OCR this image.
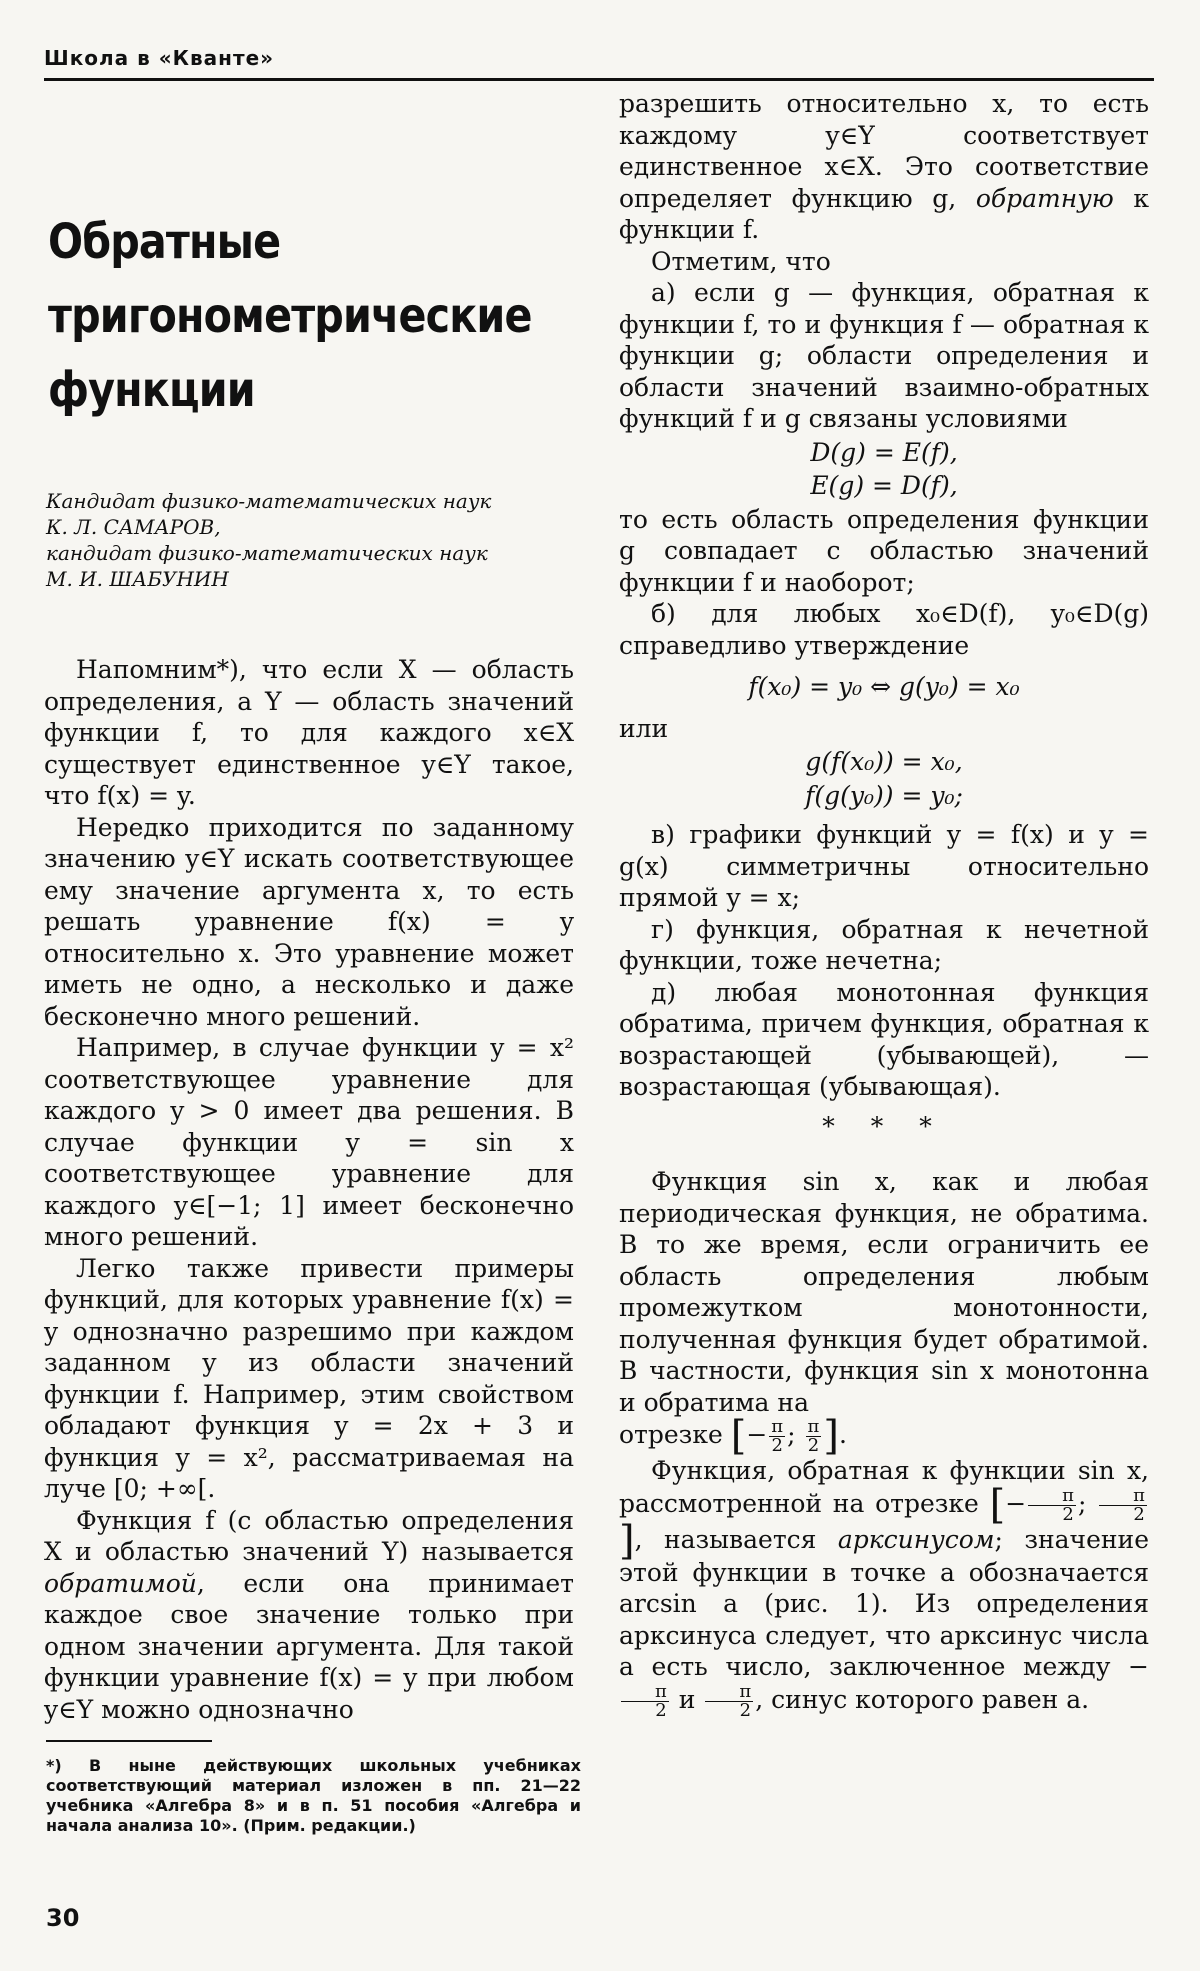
Школа в «Кванте»
Обратные тригонометрические функции
Кандидат физико-математических наук
К. Л. САМАРОВ,
кандидат физико-математических наук
М. И. ШАБУНИН

Напомним*), что если X — область определения, а Y — область значений функции f, то для каждого x∈X существует единственное y∈Y такое, что f(x) = y.

Нередко приходится по заданному значению y∈Y искать соответствующее ему значение аргумента x, то есть решать уравнение f(x) = y относительно x. Это уравнение может иметь не одно, а несколько и даже бесконечно много решений.

Например, в случае функции y = x² соответствующее уравнение для каждого y > 0 имеет два решения. В случае функции y = sin x соответствующее уравнение для каждого y∈[−1; 1] имеет бесконечно много решений.

Легко также привести примеры функций, для которых уравнение f(x) = y однозначно разрешимо при каждом заданном y из области значений функции f. Например, этим свойством обладают функция y = 2x + 3 и функция y = x², рассматриваемая на луче [0; +∞[.

Функция f (с областью определения X и областью значений Y) называется обратимой, если она принимает каждое свое значение только при одном значении аргумента. Для такой функции уравнение f(x) = y при любом y∈Y можно однозначно

разрешить относительно x, то есть каждому y∈Y соответствует единственное x∈X. Это соответствие определяет функцию g, обратную к функции f.

Отметим, что

а) если g — функция, обратная к функции f, то и функция f — обратная к функции g; области определения и области значений взаимно-обратных функций f и g связаны условиями

D(g) = E(f),
E(g) = D(f),

то есть область определения функции g совпадает с областью значений функции f и наоборот;

б) для любых x₀∈D(f), y₀∈D(g) справедливо утверждение

f(x₀) = y₀ ⇔ g(y₀) = x₀

или

g(f(x₀)) = x₀,
f(g(y₀)) = y₀;

в) графики функций y = f(x) и y = g(x) симметричны относительно прямой y = x;

г) функция, обратная к нечетной функции, тоже нечетна;

д) любая монотонная функция обратима, причем функция, обратная к возрастающей (убывающей), — возрастающая (убывающая).

* * *

Функция sin x, как и любая периодическая функция, не обратима. В то же время, если ограничить ее область определения любым промежутком монотонности, полученная функция будет обратимой. В частности, функция sin x монотонна и обратима на

отрезке [− $\frac{\pi}{2}$ ; $\frac{\pi}{2}$ ].

Функция, обратная к функции sin x, рассмотренной на отрезке [− $\frac{\pi}{2}$ ; $\frac{\pi}{2}$
], называется арксинусом; значение этой функции в точке a обозначается arcsin a (рис. 1). Из определения арксинуса следует, что арксинус числа a есть число, заключенное между −
$\frac{\pi}{2}$ и $\frac{\pi}{2}$ , синус которого равен a.

*) В ныне действующих школьных учебниках соответствующий материал изложен в пп. 21—22 учебника «Алгебра 8» и в п. 51 пособия «Алгебра и начала анализа 10». (Прим. редакции.)
30
